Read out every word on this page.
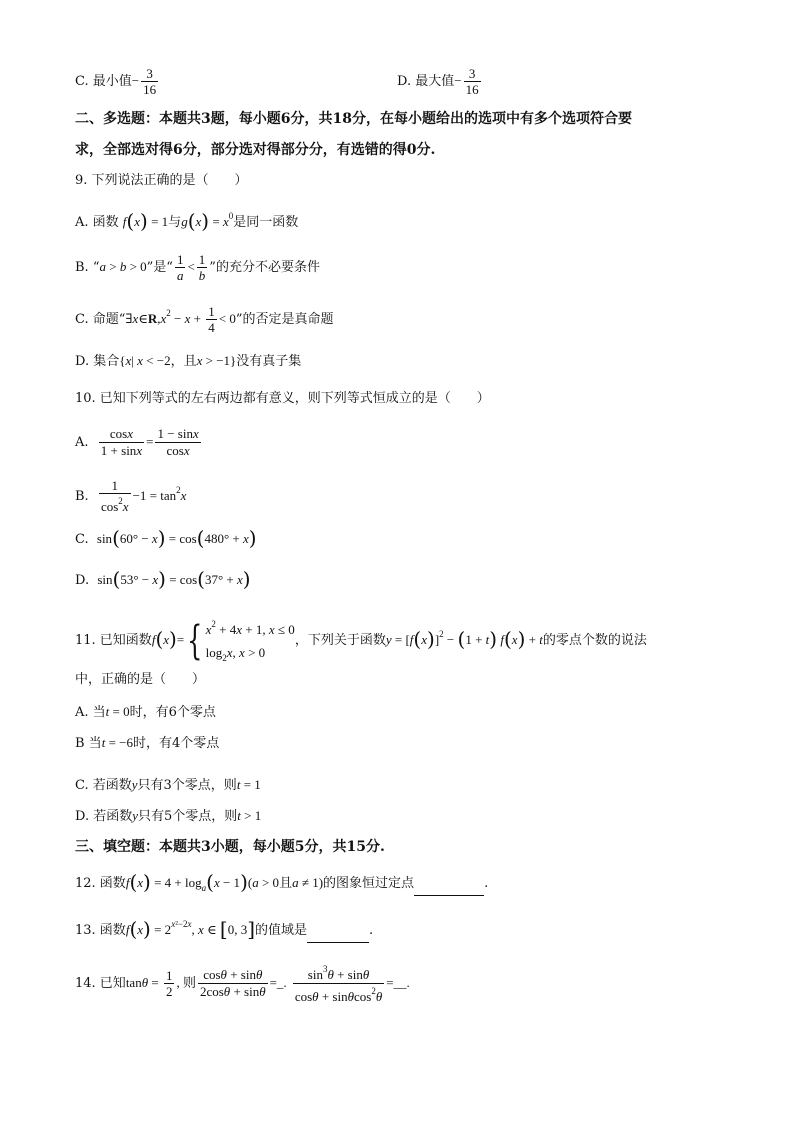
C. 最小值− $\frac{3}{16}$	D. 最大值− $\frac{3}{16}$
二、多选题：本题共3题，每小题6分，共18分，在每小题给出的选项中有多个选项符合要
求，全部选对得6分，部分选对得部分分，有选错的得0分.
9. 下列说法正确的是（　　）
A. 函数 f(x) = 1与$g(x) = x^0$是同一函数
B. “a > b > 0”是“ $\frac{1}{a} < \frac{1}{b}$ ”的充分不必要条件
C. 命题“$\exists x\in R,x^2 - x + \frac{1}{4} < 0$”的否定是真命题
D. 集合{x| x < −2，且x > −1}没有真子集
10. 已知下列等式的左右两边都有意义，则下列等式恒成立的是（　　）
A. $\frac{\cos x}{1 + \sin x} = \frac{1 - \sin x}{\cos x}$
B. $\frac{1}{\cos^2x} -1 = \tan^2x$
C. sin(60° − x) = cos(480° + x)
D. sin(53° − x) = cos(37° + x)
11. 已知函数f(x)={ $x^2 + 4x + 1$, x ≤ 0
$\log_2x$, x > 0
，下列关于函数$y = [f(x)]^2 - (1 + t) f(x) + t$的零点个数的说法
中，正确的是（　　）
A. 当t = 0时，有6个零点
B 当t = −6时，有4个零点
C. 若函数y只有3个零点，则t = 1
D. 若函数y只有5个零点，则t > 1
三、填空题：本题共3小题，每小题5分，共15分.
12. 函数$f(x) = 4 + \log_a(x - 1)(a > 0$且a ≠ 1)的图象恒过定点	.
13. 函数$f(x) = 2^{x^2-2x}$, x ∈ [0, 3]的值域是	.
14. 已知$\tan\theta = \frac{1}{2}$ , 则 $\frac{\cos\theta + \sin\theta}{2\cos\theta + \sin\theta}$ =_. $\frac{\sin^3\theta + \sin\theta}{\cos\theta + \sin\theta\cos^2\theta}$ =__.
